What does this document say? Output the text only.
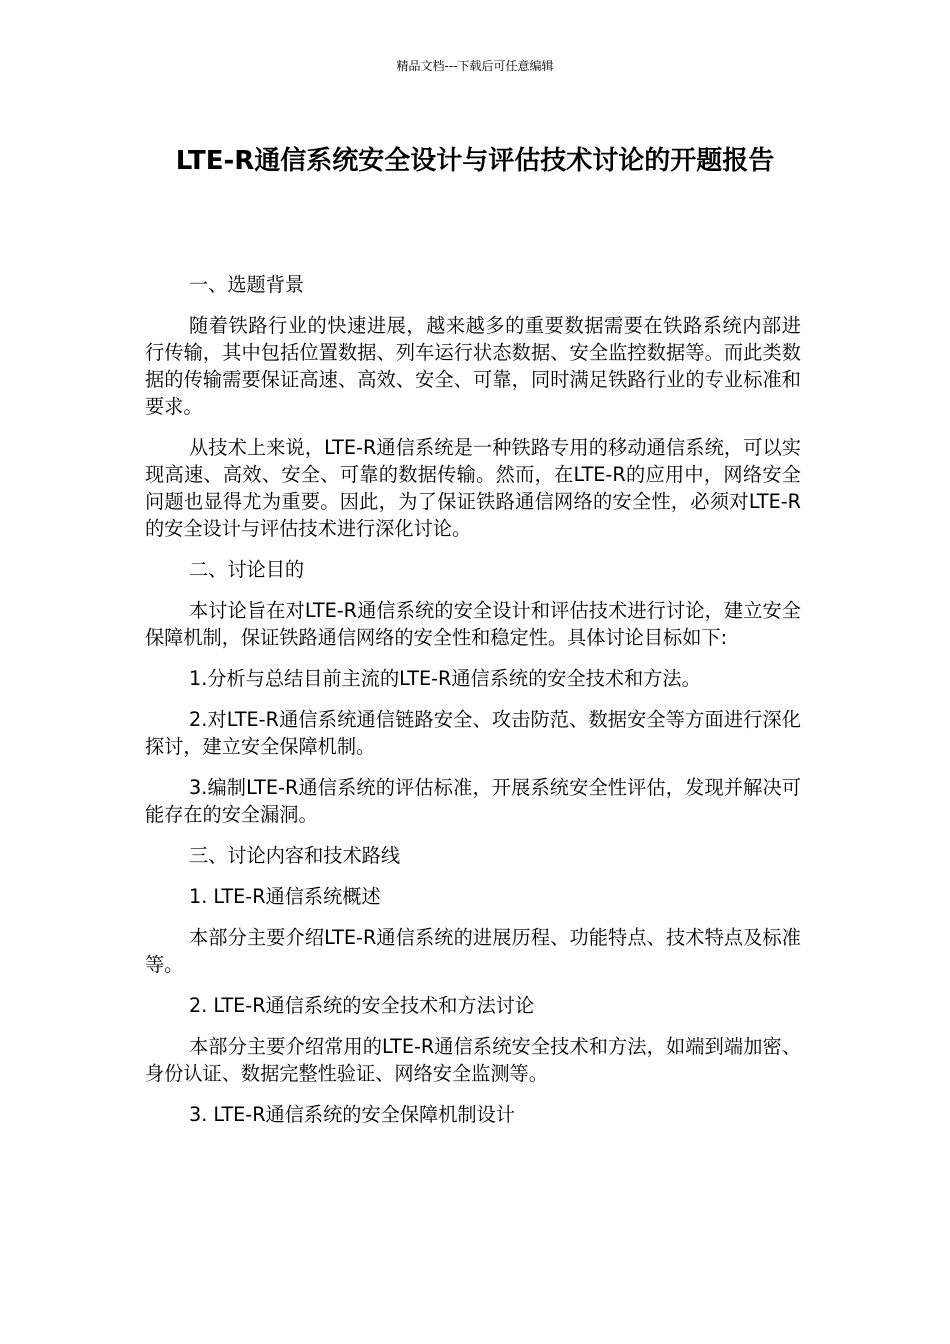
精品文档---下载后可任意编辑
LTE-R通信系统安全设计与评估技术讨论的开题报告

一、选题背景

随着铁路行业的快速进展，越来越多的重要数据需要在铁路系统内部进行传输，其中包括位置数据、列车运行状态数据、安全监控数据等。而此类数据的传输需要保证高速、高效、安全、可靠，同时满足铁路行业的专业标准和要求。

从技术上来说，LTE-R通信系统是一种铁路专用的移动通信系统，可以实现高速、高效、安全、可靠的数据传输。然而，在LTE-R的应用中，网络安全问题也显得尤为重要。因此，为了保证铁路通信网络的安全性，必须对LTE-R的安全设计与评估技术进行深化讨论。

二、讨论目的

本讨论旨在对LTE-R通信系统的安全设计和评估技术进行讨论，建立安全保障机制，保证铁路通信网络的安全性和稳定性。具体讨论目标如下:

1.分析与总结目前主流的LTE-R通信系统的安全技术和方法。

2.对LTE-R通信系统通信链路安全、攻击防范、数据安全等方面进行深化探讨，建立安全保障机制。

3.编制LTE-R通信系统的评估标准，开展系统安全性评估，发现并解决可能存在的安全漏洞。

三、讨论内容和技术路线

1. LTE-R通信系统概述

本部分主要介绍LTE-R通信系统的进展历程、功能特点、技术特点及标准等。

2. LTE-R通信系统的安全技术和方法讨论

本部分主要介绍常用的LTE-R通信系统安全技术和方法，如端到端加密、身份认证、数据完整性验证、网络安全监测等。

3. LTE-R通信系统的安全保障机制设计
